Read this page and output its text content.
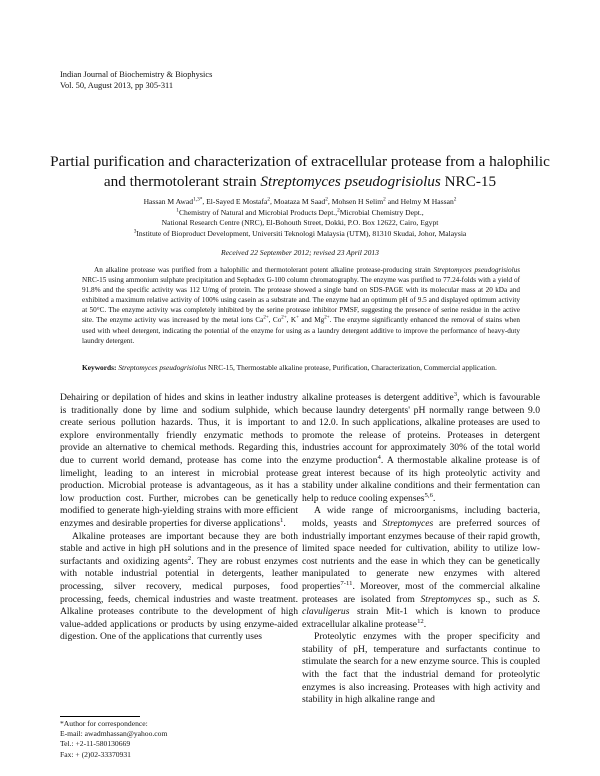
Indian Journal of Biochemistry & Biophysics
Vol. 50, August 2013, pp 305-311
Partial purification and characterization of extracellular protease from a halophilic
and thermotolerant strain Streptomyces pseudogrisiolus NRC-15
Hassan M Awad$^{1,3*}$, El-Sayed E Mostafa$^2$, Moataza M Saad$^2$, Mohsen H Selim$^2$ and Helmy M Hassan$^2$
$^1$Chemistry of Natural and Microbial Products Dept.,$^2$Microbial Chemistry Dept.,
National Research Centre (NRC), El-Bohouth Street, Dokki, P.O. Box 12622, Cairo, Egypt
$^3$Institute of Bioproduct Development, Universiti Teknologi Malaysia (UTM), 81310 Skudai, Johor, Malaysia
Received 22 September 2012; revised 23 April 2013
An alkaline protease was purified from a halophilic and thermotolerant potent alkaline protease-producing strain Streptomyces pseudogrisiolus NRC-15 using ammonium sulphate precipitation and Sephadex G-100 column chromatography. The enzyme was purified to 77.24-folds with a yield of 91.8% and the specific activity was 112 U/mg of protein. The protease showed a single band on SDS-PAGE with its molecular mass at 20 kDa and exhibited a maximum relative activity of 100% using casein as a substrate and. The enzyme had an optimum pH of 9.5 and displayed optimum activity at 50°C. The enzyme activity was completely inhibited by the serine protease inhibitor PMSF, suggesting the presence of serine residue in the active site. The enzyme activity was increased by the metal ions $Ca^{2+}$, $Co^{2+}$, K+ and $Mg^{2+}$. The enzyme significantly enhanced the removal of stains when used with wheel detergent, indicating the potential of the enzyme for using as a laundry detergent additive to improve the performance of heavy-duty laundry detergent.
Keywords: Streptomyces pseudogrisiolus NRC-15, Thermostable alkaline protease, Purification, Characterization, Commercial application.

Dehairing or depilation of hides and skins in leather industry is traditionally done by lime and sodium sulphide, which create serious pollution hazards. Thus, it is important to explore environmentally friendly enzymatic methods to provide an alternative to chemical methods. Regarding this, due to current world demand, protease has come into the limelight, leading to an interest in microbial protease production. Microbial protease is advantageous, as it has a low production cost. Further, microbes can be genetically modified to generate high-yielding strains with more efficient enzymes and desirable properties for diverse applications$^1$.

Alkaline proteases are important because they are both stable and active in high pH solutions and in the presence of surfactants and oxidizing agents$^2$. They are robust enzymes with notable industrial potential in detergents, leather processing, silver recovery, medical purposes, food processing, feeds, chemical industries and waste treatment. Alkaline proteases contribute to the development of high value-added applications or products by using enzyme-aided digestion. One of the applications that currently uses

alkaline proteases is detergent additive$^3$, which is favourable because laundry detergents' pH normally range between 9.0 and 12.0. In such applications, alkaline proteases are used to promote the release of proteins. Proteases in detergent industries account for approximately 30% of the total world enzyme production$^4$. A thermostable alkaline protease is of great interest because of its high proteolytic activity and stability under alkaline conditions and their fermentation can help to reduce cooling expenses$^{5,6}$.

A wide range of microorganisms, including bacteria, molds, yeasts and Streptomyces are preferred sources of industrially important enzymes because of their rapid growth, limited space needed for cultivation, ability to utilize low-cost nutrients and the ease in which they can be genetically manipulated to generate new enzymes with altered properties$^{7-11}$. Moreover, most of the commercial alkaline proteases are isolated from Streptomyces sp., such as S. clavuligerus strain Mit-1 which is known to produce extracellular alkaline protease$^{12}$.

Proteolytic enzymes with the proper specificity and stability of pH, temperature and surfactants continue to stimulate the search for a new enzyme source. This is coupled with the fact that the industrial demand for proteolytic enzymes is also increasing. Proteases with high activity and stability in high alkaline range and

*Author for correspondence:
E-mail: awadmhassan@yahoo.com
Tel.: +2-11-580130669
Fax: + (2)02-33370931
